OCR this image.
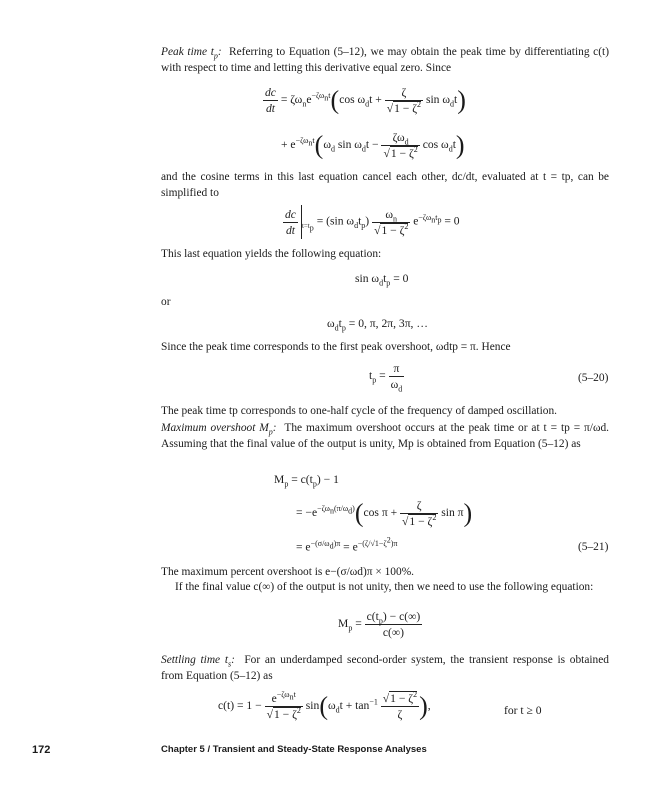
Peak time $t_p$: Referring to Equation (5–12), we may obtain the peak time by differentiating c(t) with respect to time and letting this derivative equal zero. Since
$\frac{dc}{dt} = \zeta\omega_ne^{-\zeta\omega_nt}(\cos$ $\omega_dt + \frac{\zeta}{√1 - \zeta^2}$ $\sin \omega_dt$)
+ $e^{-\zeta\omega_nt}(\omega_d$ $\sin \omega_dt - \frac{\zeta\omega_d}{√1 - \zeta^2}$ $\cos \omega_dt$)
and the cosine terms in this last equation cancel each other, dc/dt, evaluated at t = tp, can be simplified to
$\frac{dc}{dt} _{t=t_p} = (\sin$ $\omega_dt_p) \frac{\omega_n}{√1 - \zeta^2} e^{-\zeta\omega_nt_p} = 0$
This last equation yields the following equation:
$\sin \omega_dt_p = 0$
or
$\omega_dt_p = 0$, π, 2π, 3π, …
Since the peak time corresponds to the first peak overshoot, ωdtp = π. Hence
$t_p = \frac{\pi}{\omega_d}$	(5–20)
The peak time tp corresponds to one-half cycle of the frequency of damped oscillation.
Maximum overshoot $M_p$: The maximum overshoot occurs at the peak time or at t = tp = π/ωd. Assuming that the final value of the output is unity, Mp is obtained from Equation (5–12) as
$M_p = c(t_p) - 1$
= $-e^{-\zeta\omega_n(\pi/\omega_d)}(\cos$ $\pi + \frac{\zeta}{√1 - \zeta^2}$ sin π)
= $e^{-(\sigma/\omega_d)\pi} = e^{-(\zeta/√1-\zeta^2)\pi}$	(5–21)
The maximum percent overshoot is e−(σ/ωd)π × 100%.
If the final value c(∞) of the output is not unity, then we need to use the following equation:
$M_p = \frac{c(t_p) - c(\infty)}{c(\infty)}$
Settling time $t_s$: For an underdamped second-order system, the transient response is obtained from Equation (5–12) as
$c(t) = 1 - \frac{e^{-\zeta\omega_nt}}{√1 - \zeta^2} \sin(\omega_dt + \tan^{-1} \frac{√1 - \zeta^2}{\zeta}$ ),	for t ≥ 0
172	Chapter 5 / Transient and Steady-State Response Analyses
